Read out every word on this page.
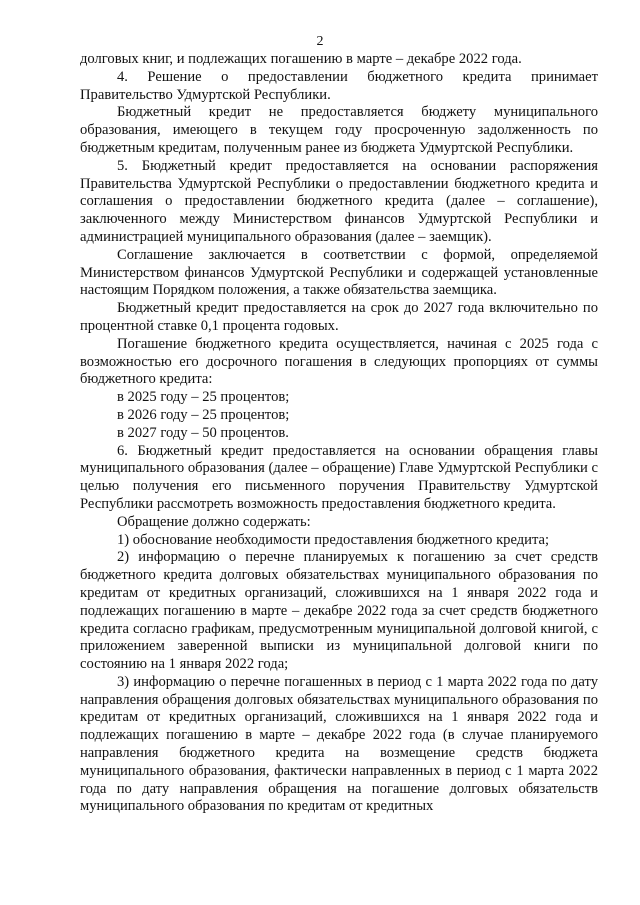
2

долговых книг, и подлежащих погашению в марте – декабре 2022 года.

4. Решение о предоставлении бюджетного кредита принимает Правительство Удмуртской Республики.

Бюджетный кредит не предоставляется бюджету муниципального образования, имеющего в текущем году просроченную задолженность по бюджетным кредитам, полученным ранее из бюджета Удмуртской Республики.

5. Бюджетный кредит предоставляется на основании распоряжения Правительства Удмуртской Республики о предоставлении бюджетного кредита и соглашения о предоставлении бюджетного кредита (далее – соглашение), заключенного между Министерством финансов Удмуртской Республики и администрацией муниципального образования (далее – заемщик).

Соглашение заключается в соответствии с формой, определяемой Министерством финансов Удмуртской Республики и содержащей установленные настоящим Порядком положения, а также обязательства заемщика.

Бюджетный кредит предоставляется на срок до 2027 года включительно по процентной ставке 0,1 процента годовых.

Погашение бюджетного кредита осуществляется, начиная с 2025 года с возможностью его досрочного погашения в следующих пропорциях от суммы бюджетного кредита:

в 2025 году – 25 процентов;

в 2026 году – 25 процентов;

в 2027 году – 50 процентов.

6. Бюджетный кредит предоставляется на основании обращения главы муниципального образования (далее – обращение) Главе Удмуртской Республики с целью получения его письменного поручения Правительству Удмуртской Республики рассмотреть возможность предоставления бюджетного кредита.

Обращение должно содержать:

1) обоснование необходимости предоставления бюджетного кредита;

2) информацию о перечне планируемых к погашению за счет средств бюджетного кредита долговых обязательствах муниципального образования по кредитам от кредитных организаций, сложившихся на 1 января 2022 года и подлежащих погашению в марте – декабре 2022 года за счет средств бюджетного кредита согласно графикам, предусмотренным муниципальной долговой книгой, с приложением заверенной выписки из муниципальной долговой книги по состоянию на 1 января 2022 года;

3) информацию о перечне погашенных в период с 1 марта 2022 года по дату направления обращения долговых обязательствах муниципального образования по кредитам от кредитных организаций, сложившихся на 1 января 2022 года и подлежащих погашению в марте – декабре 2022 года (в случае планируемого направления бюджетного кредита на возмещение средств бюджета муниципального образования, фактически направленных в период с 1 марта 2022 года по дату направления обращения на погашение долговых обязательств муниципального образования по кредитам от кредитных
